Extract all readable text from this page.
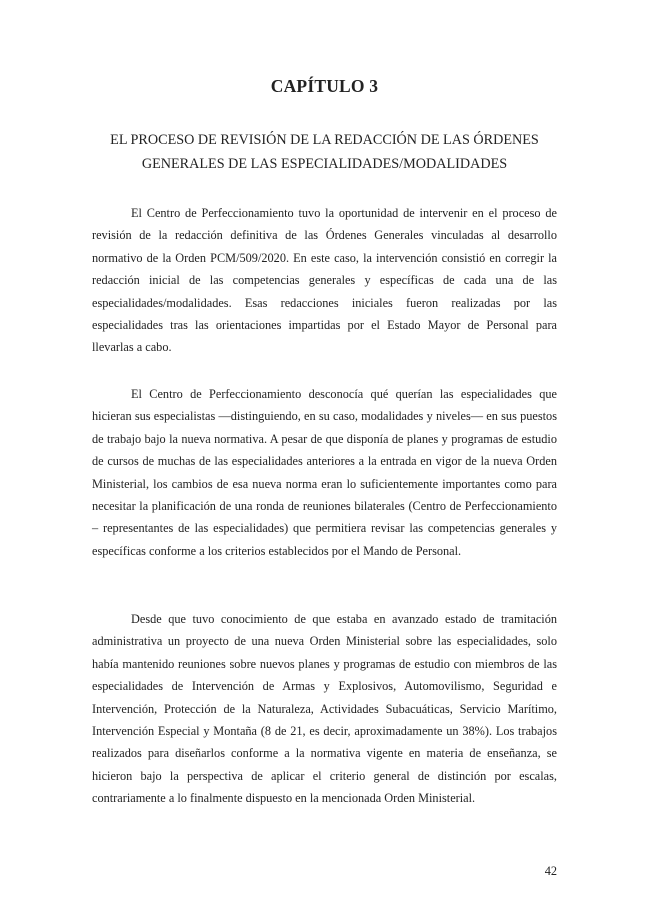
CAPÍTULO 3
EL PROCESO DE REVISIÓN DE LA REDACCIÓN DE LAS ÓRDENES GENERALES DE LAS ESPECIALIDADES/MODALIDADES

El Centro de Perfeccionamiento tuvo la oportunidad de intervenir en el proceso de revisión de la redacción definitiva de las Órdenes Generales vinculadas al desarrollo normativo de la Orden PCM/509/2020. En este caso, la intervención consistió en corregir la redacción inicial de las competencias generales y específicas de cada una de las especialidades/modalidades. Esas redacciones iniciales fueron realizadas por las especialidades tras las orientaciones impartidas por el Estado Mayor de Personal para llevarlas a cabo.

El Centro de Perfeccionamiento desconocía qué querían las especialidades que hicieran sus especialistas —distinguiendo, en su caso, modalidades y niveles— en sus puestos de trabajo bajo la nueva normativa. A pesar de que disponía de planes y programas de estudio de cursos de muchas de las especialidades anteriores a la entrada en vigor de la nueva Orden Ministerial, los cambios de esa nueva norma eran lo suficientemente importantes como para necesitar la planificación de una ronda de reuniones bilaterales (Centro de Perfeccionamiento – representantes de las especialidades) que permitiera revisar las competencias generales y específicas conforme a los criterios establecidos por el Mando de Personal.

Desde que tuvo conocimiento de que estaba en avanzado estado de tramitación administrativa un proyecto de una nueva Orden Ministerial sobre las especialidades, solo había mantenido reuniones sobre nuevos planes y programas de estudio con miembros de las especialidades de Intervención de Armas y Explosivos, Automovilismo, Seguridad e Intervención, Protección de la Naturaleza, Actividades Subacuáticas, Servicio Marítimo, Intervención Especial y Montaña (8 de 21, es decir, aproximadamente un 38%). Los trabajos realizados para diseñarlos conforme a la normativa vigente en materia de enseñanza, se hicieron bajo la perspectiva de aplicar el criterio general de distinción por escalas, contrariamente a lo finalmente dispuesto en la mencionada Orden Ministerial.

42
